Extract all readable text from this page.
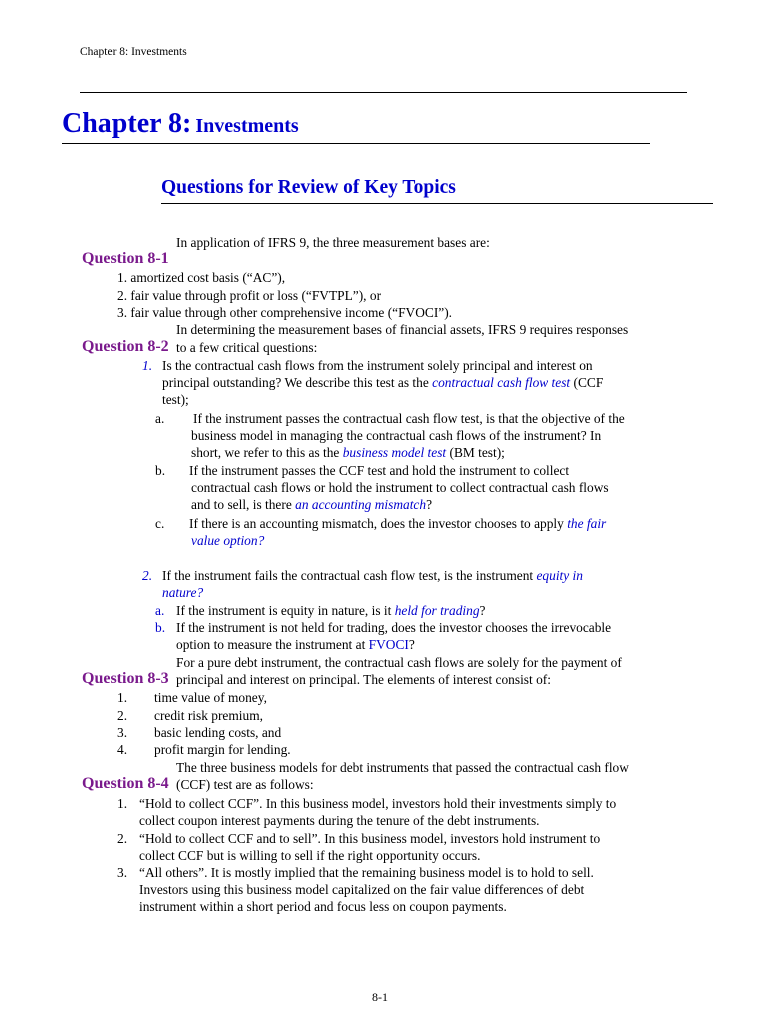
Chapter 8: Investments
Chapter 8: Investments
Questions for Review of Key Topics
In application of IFRS 9, the three measurement bases are:
Question 8-1
1. amortized cost basis (“AC”),
2. fair value through profit or loss (“FVTPL”), or
3. fair value through other comprehensive income (“FVOCI”).
In determining the measurement bases of financial assets, IFRS 9 requires responses
Question 8-2 to a few critical questions:
1. Is the contractual cash flows from the instrument solely principal and interest on
principal outstanding? We describe this test as the contractual cash flow test (CCF
test);
a. If the instrument passes the contractual cash flow test, is that the objective of the
business model in managing the contractual cash flows of the instrument? In
short, we refer to this as the business model test (BM test);
b. If the instrument passes the CCF test and hold the instrument to collect
contractual cash flows or hold the instrument to collect contractual cash flows
and to sell, is there an accounting mismatch?
c. If there is an accounting mismatch, does the investor chooses to apply the fair
value option?
2. If the instrument fails the contractual cash flow test, is the instrument equity in
nature?
a. If the instrument is equity in nature, is it held for trading?
b. If the instrument is not held for trading, does the investor chooses the irrevocable
option to measure the instrument at FVOCI?
For a pure debt instrument, the contractual cash flows are solely for the payment of
Question 8-3 principal and interest on principal. The elements of interest consist of:
1. time value of money,
2. credit risk premium,
3. basic lending costs, and
4. profit margin for lending.
The three business models for debt instruments that passed the contractual cash flow
Question 8-4 (CCF) test are as follows:
1. “Hold to collect CCF”. In this business model, investors hold their investments simply to
collect coupon interest payments during the tenure of the debt instruments.
2. “Hold to collect CCF and to sell”. In this business model, investors hold instrument to
collect CCF but is willing to sell if the right opportunity occurs.
3. “All others”. It is mostly implied that the remaining business model is to hold to sell.
Investors using this business model capitalized on the fair value differences of debt
instrument within a short period and focus less on coupon payments.
8-1
